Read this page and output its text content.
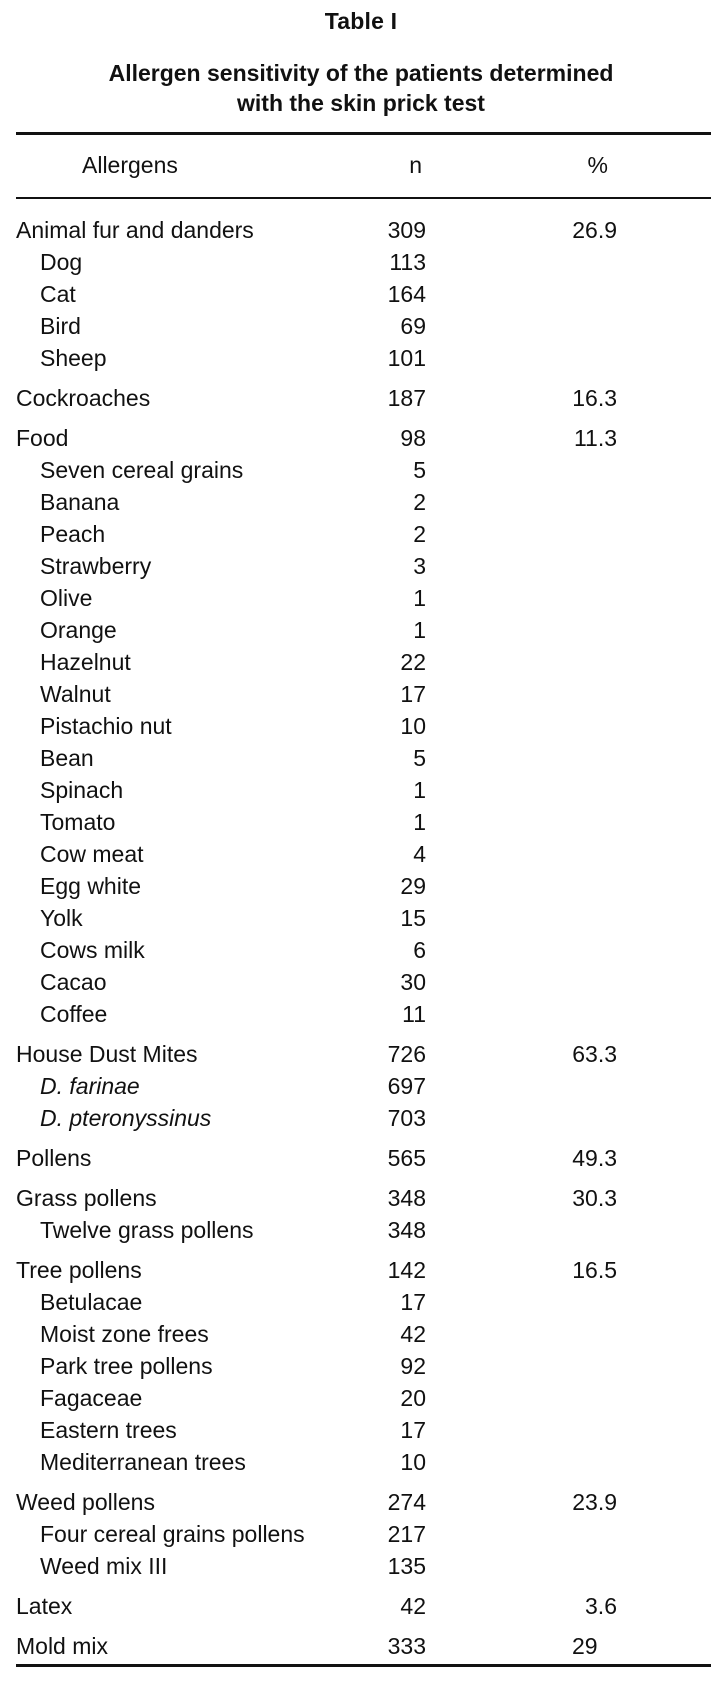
Table I
Allergen sensitivity of the patients determined
with the skin prick test
Allergens	n	%
Animal fur and danders	309	26.9
Dog	113
Cat	164
Bird	69
Sheep	101
Cockroaches	187	16.3
Food	98	11.3
Seven cereal grains	5
Banana	2
Peach	2
Strawberry	3
Olive	1
Orange	1
Hazelnut	22
Walnut	17
Pistachio nut	10
Bean	5
Spinach	1
Tomato	1
Cow meat	4
Egg white	29
Yolk	15
Cows milk	6
Cacao	30
Coffee	11
House Dust Mites	726	63.3
D. farinae	697
D. pteronyssinus	703
Pollens	565	49.3
Grass pollens	348	30.3
Twelve grass pollens	348
Tree pollens	142	16.5
Betulacae	17
Moist zone frees	42
Park tree pollens	92
Fagaceae	20
Eastern trees	17
Mediterranean trees	10
Weed pollens	274	23.9
Four cereal grains pollens	217
Weed mix III	135
Latex	42	3.6
Mold mix	333	29
